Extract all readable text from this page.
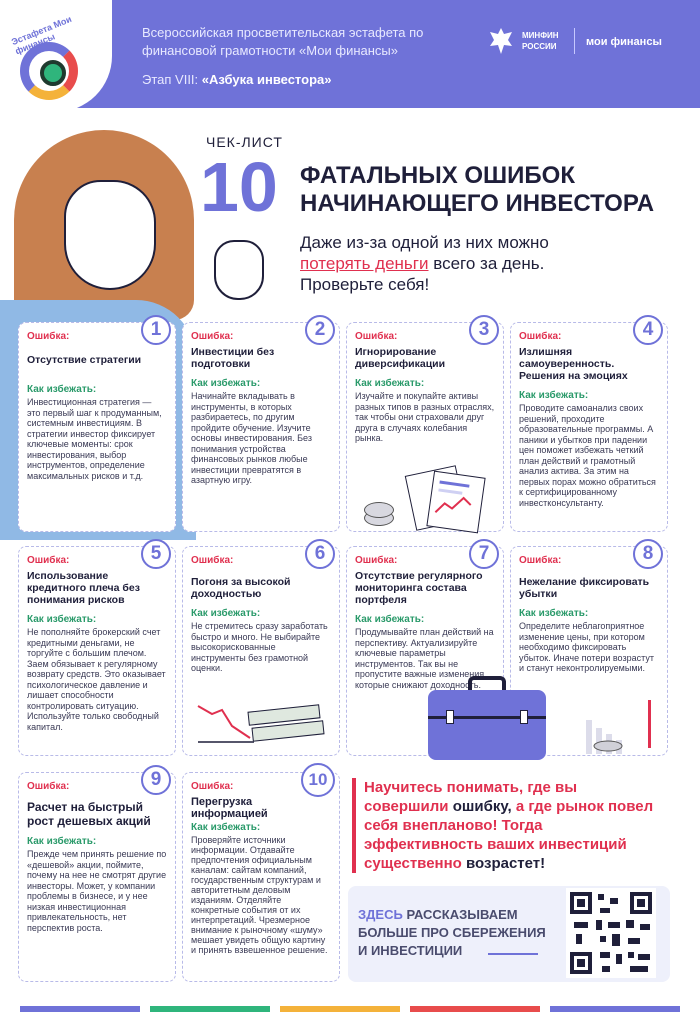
Эстафета Мои финансы	Всероссийская просветительская эстафета по финансовой грамотности «Мои финансы»
Этап VIII: «Азбука инвестора»
МИНФИН РОССИИ	мои финансы
ЧЕК-ЛИСТ
10 ФАТАЛЬНЫХ ОШИБОК
НАЧИНАЮЩЕГО ИНВЕСТОРА
Даже из-за одной из них можно потерять деньги всего за день. Проверьте себя!
1
Ошибка:
Отсутствие стратегии
Как избежать:
Инвестиционная стратегия — это первый шаг к продуманным, системным инвестициям. В стратегии инвестор фиксирует ключевые моменты: срок инвестирования, выбор инструментов, определение максимальных рисков и т.д.
2
Ошибка:
Инвестиции без подготовки
Как избежать:
Начинайте вкладывать в инструменты, в которых разбираетесь, по другим пройдите обучение. Изучите основы инвестирования. Без понимания устройства финансовых рынков любые инвестиции превратятся в азартную игру.
3
Ошибка:
Игнорирование диверсификации
Как избежать:
Изучайте и покупайте активы разных типов в разных отраслях, так чтобы они страховали друг друга в случаях колебания рынка.
4
Ошибка:
Излишняя самоуверенность. Решения на эмоциях
Как избежать:
Проводите самоанализ своих решений, проходите образовательные программы. А паники и убытков при падении цен поможет избежать четкий план действий и грамотный анализ актива. За этим на первых порах можно обратиться к сертифицированному инвестконсультанту.
5
Ошибка:
Использование кредитного плеча без понимания рисков
Как избежать:
Не пополняйте брокерский счет кредитными деньгами, не торгуйте с большим плечом. Заем обязывает к регулярному возврату средств. Это оказывает психологическое давление и лишает способности контролировать ситуацию. Используйте только свободный капитал.
6
Ошибка:
Погоня за высокой доходностью
Как избежать:
Не стремитесь сразу заработать быстро и много. Не выбирайте высокорискованные инструменты без грамотной оценки.
7
Ошибка:
Отсутствие регулярного мониторинга состава портфеля
Как избежать:
Продумывайте план действий на перспективу. Актуализируйте ключевые параметры инструментов. Так вы не пропустите важные изменения, которые снижают доходность.
8
Ошибка:
Нежелание фиксировать убытки
Как избежать:
Определите неблагоприятное изменение цены, при котором необходимо фиксировать убыток. Иначе потери возрастут и станут неконтролируемыми.
9
Ошибка:
Расчет на быстрый рост дешевых акций
Как избежать:
Прежде чем принять решение по «дешевой» акции, поймите, почему на нее не смотрят другие инвесторы. Может, у компании проблемы в бизнесе, и у нее низкая инвестиционная привлекательность, нет перспектив роста.
10
Ошибка:
Перегрузка информацией
Как избежать:
Проверяйте источники информации. Отдавайте предпочтения официальным каналам: сайтам компаний, государственным структурам и авторитетным деловым изданиям. Отделяйте конкретные события от их интерпретаций. Чрезмерное внимание к рыночному «шуму» мешает увидеть общую картину и принять взвешенное решение.
Научитесь понимать, где вы совершили ошибку, а где рынок повел себя внепланово! Тогда эффективность ваших инвестиций существенно возрастет!
ЗДЕСЬ РАССКАЗЫВАЕМ БОЛЬШЕ ПРО СБЕРЕЖЕНИЯ И ИНВЕСТИЦИИ
